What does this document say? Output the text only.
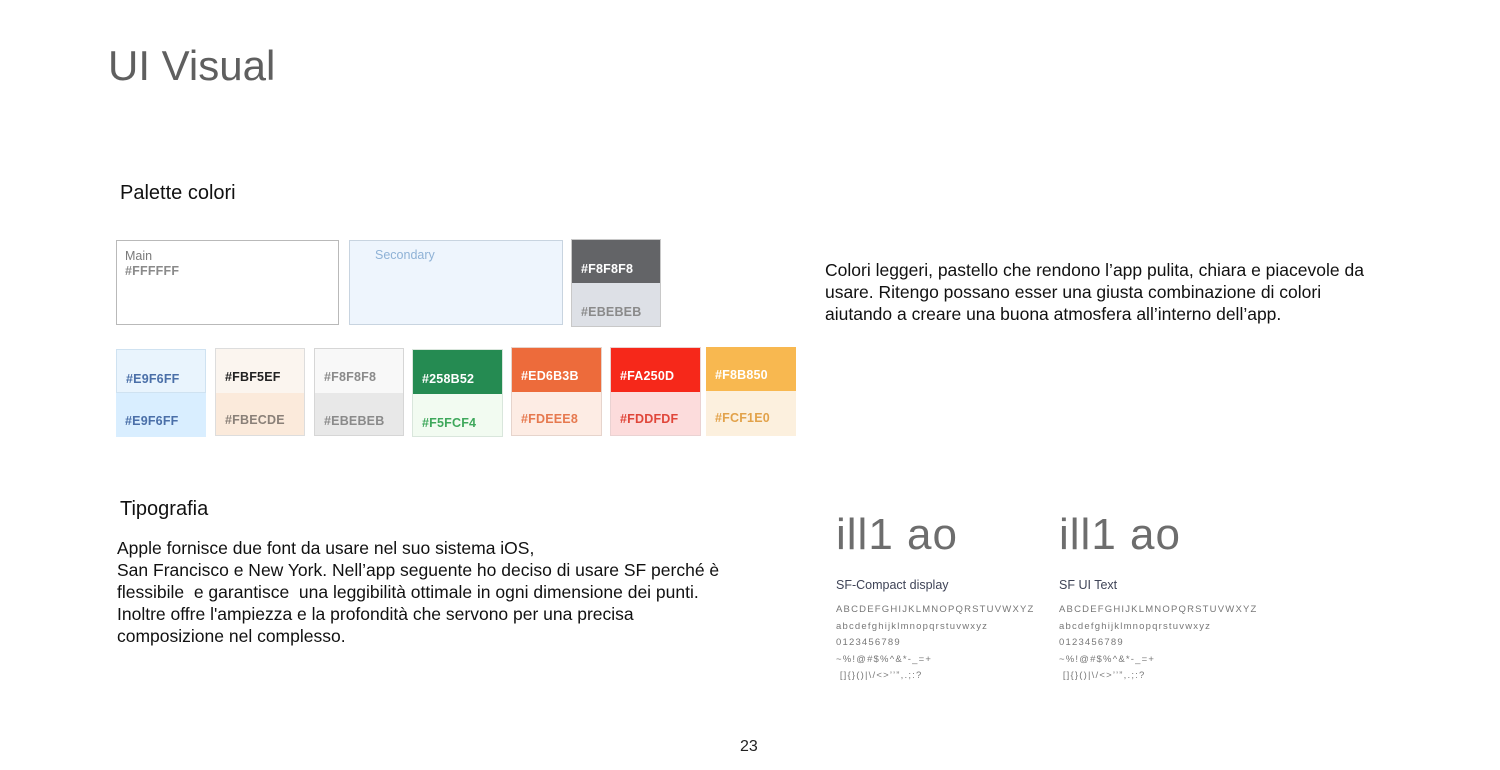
UI Visual
Palette colori
Main
#FFFFFF
Secondary
#F8F8F8
#EBEBEB
#E9F6FF
#E9F6FF
#FBF5EF
#FBECDE
#F8F8F8
#EBEBEB
#258B52
#F5FCF4
#ED6B3B
#FDEEE8
#FA250D
#FDDFDF
#F8B850
#FCF1E0
Colori leggeri, pastello che rendono l’app pulita, chiara e piacevole da
usare. Ritengo possano esser una giusta combinazione di colori
aiutando a creare una buona atmosfera all’interno dell’app.
Tipografia
Apple fornisce due font da usare nel suo sistema iOS,
San Francisco e New York. Nell’app seguente ho deciso di usare SF perché è
flessibile  e garantisce  una leggibilità ottimale in ogni dimensione dei punti.
Inoltre offre l'ampiezza e la profondità che servono per una precisa
composizione nel complesso.
ill1 ao
SF-Compact display
ABCDEFGHIJKLMNOPQRSTUVWXYZ
abcdefghijklmnopqrstuvwxyz
0123456789
~%!@#$%^&*-_=+
[]{}()|\/<>’’”,.;:?
ill1 ao
SF UI Text
ABCDEFGHIJKLMNOPQRSTUVWXYZ
abcdefghijklmnopqrstuvwxyz
0123456789
~%!@#$%^&*-_=+
[]{}()|\/<>’’”,.;:?
23
